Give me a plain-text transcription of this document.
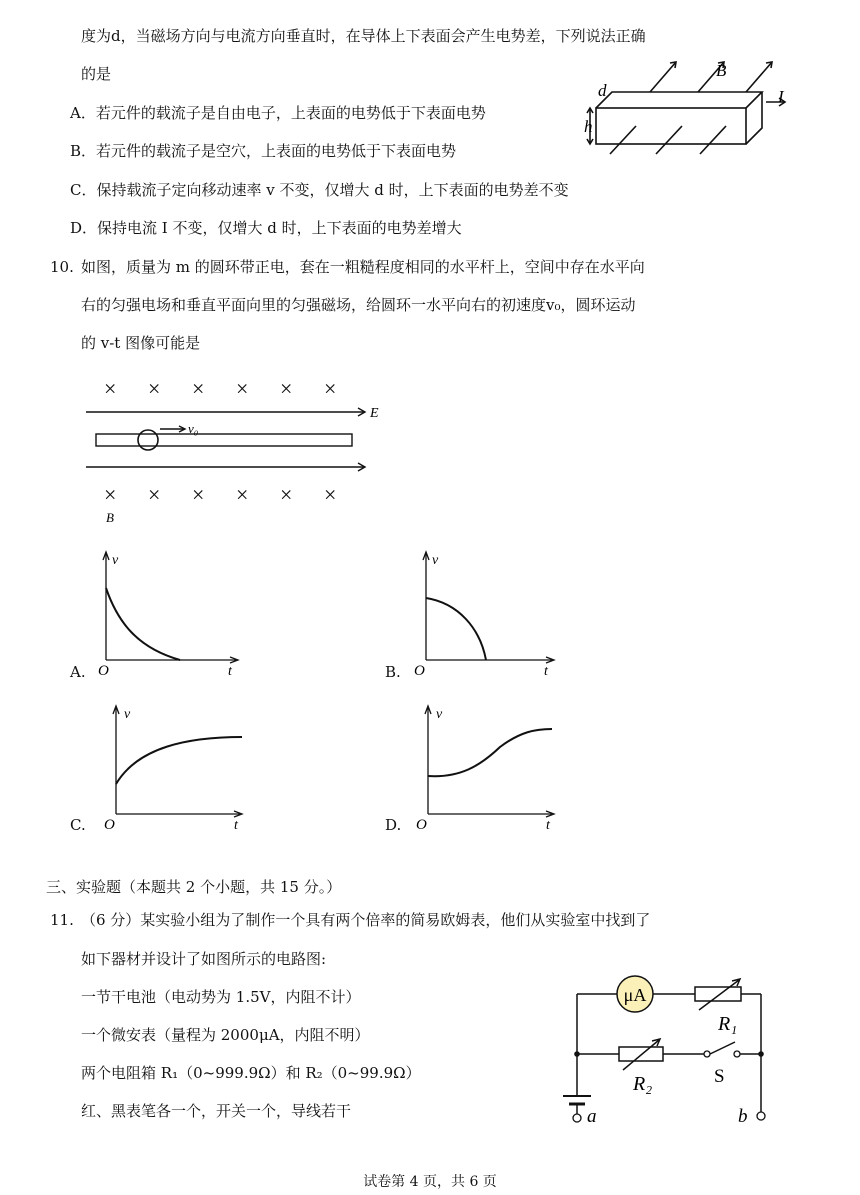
度为d，当磁场方向与电流方向垂直时，在导体上下表面会产生电势差，下列说法正确
的是
A．若元件的载流子是自由电子，上表面的电势低于下表面电势
B．若元件的载流子是空穴，上表面的电势低于下表面电势
C．保持载流子定向移动速率 v 不变，仅增大 d 时，上下表面的电势差不变
D．保持电流 I 不变，仅增大 d 时，上下表面的电势差增大
d
h
B
I
10. 如图，质量为 m 的圆环带正电，套在一粗糙程度相同的水平杆上，空间中存在水平向
右的匀强电场和垂直平面向里的匀强磁场，给圆环一水平向右的初速度v₀，圆环运动
的 v-t 图像可能是
× × × × × ×
× × × × × ×
E
v₀
B
A.
v
O	t	B.
v
O	t
C.
v
O	t	D.
v
O	t
三、实验题（本题共 2 个小题，共 15 分。）
11. （6 分）某实验小组为了制作一个具有两个倍率的简易欧姆表，他们从实验室中找到了
如下器材并设计了如图所示的电路图:
一节干电池（电动势为 1.5V，内阻不计）
一个微安表（量程为 2000μA，内阻不明）
两个电阻箱 R₁（0~999.9Ω）和 R₂（0~99.9Ω）
红、黑表笔各一个，开关一个，导线若干
μA
R₁
R₂	S
a	b
试卷第 4 页，共 6 页
